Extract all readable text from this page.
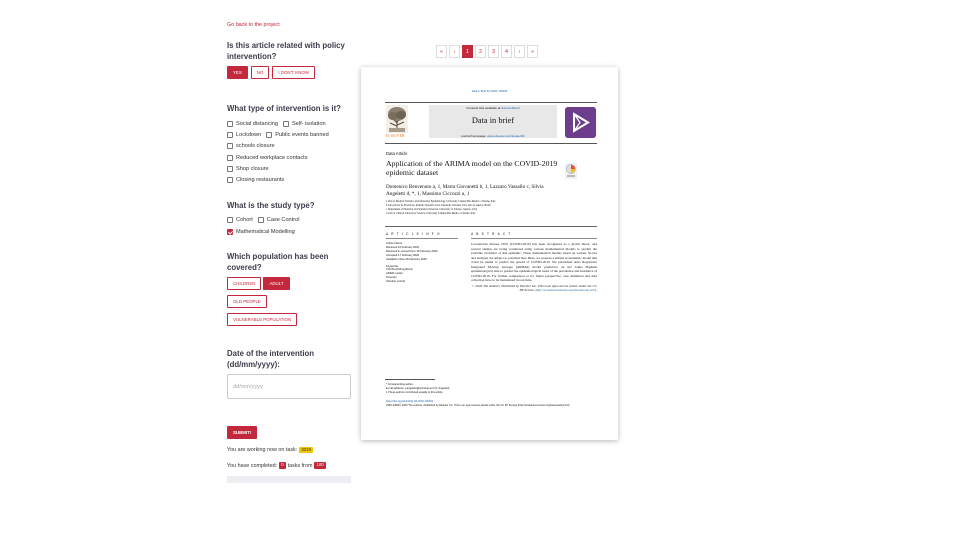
Go back to the project
Is this article related with policy intervention?
YES	NO	I DON'T KNOW
What type of intervention is it?
Social distancing	Self- isolation
Lockdown	Public events banned
schools closure
Reduced workplace contacts
Shop closure
Closing restaurants
What is the study type?
Cohort	Case Control
Mathematical Modelling
Which population has been covered?
CHILDREN	ADULT
OLD PEOPLE
VULNERABLE POPULATION
Date of the intervention (dd/mm/yyyy):
dd/mm/yyyy
SUBMIT!
You are working now on task: 3319
You have completed: 0 tasks from 100
«	‹	1	2	3	4	›	»
Data in Brief 30 (2020) 105340
ELSEVIER
Contents lists available at ScienceDirect
Data in brief
journal homepage: www.elsevier.com/locate/dib
Data Article
Application of the ARIMA model on the COVID-2019 epidemic dataset
Domenico Benvenuto a, 1, Marta Giovanetti b, 1, Lazzaro Vassallo c, Silvia Angeletti d, *, 1, Massimo Ciccozzi a, 1
a Unit of Medical Statistics and Molecular Epidemiology, University Campus Bio-Medico of Rome, Italy
b Laboratorio de Flavivirus, Instituto Oswaldo Cruz, Fundação Oswaldo Cruz, Rio de Janeiro, Brazil
c Department of Financial and Statistical Sciences, University of Salerno, Salerno, Italy
d Unit of Clinical Laboratory Science, University Campus Bio-Medico of Rome, Italy
A R T I C L E I N F O	A B S T R A C T
Article history:
Received 10 February 2020
Received in revised form 15 February 2020
Accepted 17 February 2020
Available online 26 February 2020
Keywords:
COVID-2019 epidemic
ARIMA model
Forecast
Infection control
Coronavirus disease 2019 (COVID-2019) has been recognized as a global threat, and several studies are being conducted using various mathematical models to predict the probable evolution of this epidemic. These mathematical models based on various factors and analyses are subject to potential bias. Here, we propose a simple econometric model that could be useful to predict the spread of COVID-2019. We performed Auto Regressive Integrated Moving Average (ARIMA) model prediction on the Johns Hopkins epidemiological data to predict the epidemiological trend of the prevalence and incidence of COVID-2019. For further comparison or for future perspective, case definition and data collection have to be maintained in real time.
© 2020 The Authors. Published by Elsevier Inc. This is an open access article under the CC BY license (http://creativecommons.org/licenses/by/4.0/).
* Corresponding author.
E-mail address: s.angeletti@unicampus.it (S. Angeletti).
1 These authors contributed equally to this article.
https://doi.org/10.1016/j.dib.2020.105340
2352-3409/© 2020 The Authors. Published by Elsevier Inc. This is an open access article under the CC BY license (http://creativecommons.org/licenses/by/4.0/).
